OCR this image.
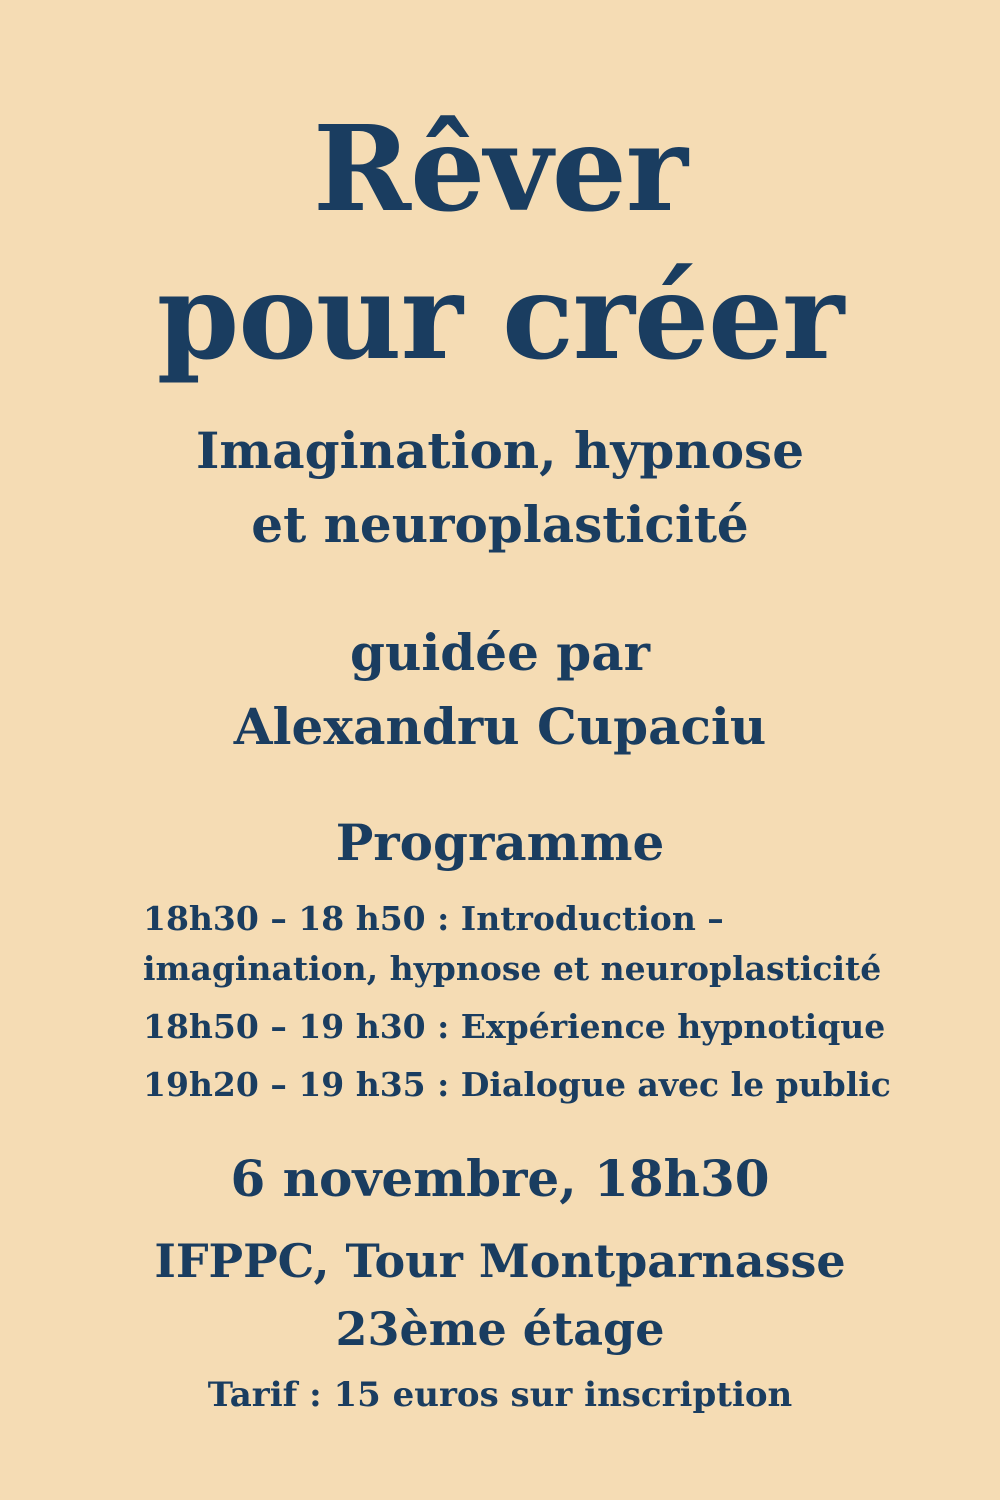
Rêver
pour créer
Imagination, hypnose
et neuroplasticité
guidée par
Alexandru Cupaciu
Programme
18h30 – 18 h50 : Introduction –
imagination, hypnose et neuroplasticité
18h50 – 19 h30 : Expérience hypnotique
19h20 – 19 h35 : Dialogue avec le public
6 novembre, 18h30
IFPPC, Tour Montparnasse
23ème étage
Tarif : 15 euros sur inscription
